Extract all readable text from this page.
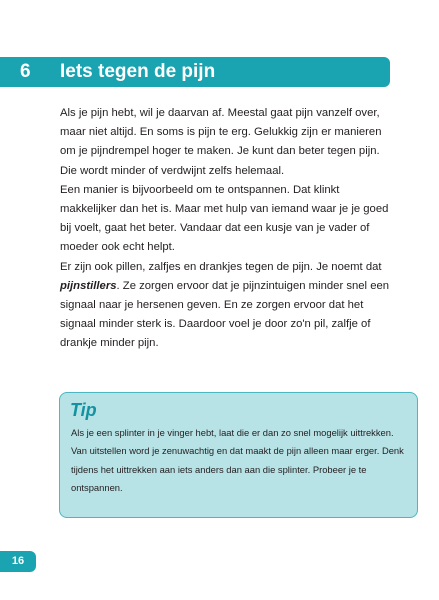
6 Iets tegen de pijn

Als je pijn hebt, wil je daarvan af. Meestal gaat pijn vanzelf over, maar niet altijd. En soms is pijn te erg. Gelukkig zijn er manieren om je pijndrempel hoger te maken. Je kunt dan beter tegen pijn. Die wordt minder of verdwijnt zelfs helemaal.

Een manier is bijvoorbeeld om te ontspannen. Dat klinkt makkelijker dan het is. Maar met hulp van iemand waar je je goed bij voelt, gaat het beter. Vandaar dat een kusje van je vader of moeder ook echt helpt.

Er zijn ook pillen, zalfjes en drankjes tegen de pijn. Je noemt dat pijnstillers. Ze zorgen ervoor dat je pijnzintuigen minder snel een signaal naar je hersenen geven. En ze zorgen ervoor dat het signaal minder sterk is. Daardoor voel je door zo'n pil, zalfje of drankje minder pijn.

Tip
Als je een splinter in je vinger hebt, laat die er dan zo snel mogelijk uittrekken. Van uitstellen word je zenuwachtig en dat maakt de pijn alleen maar erger. Denk tijdens het uittrekken aan iets anders dan aan die splinter. Probeer je te ontspannen.
16
